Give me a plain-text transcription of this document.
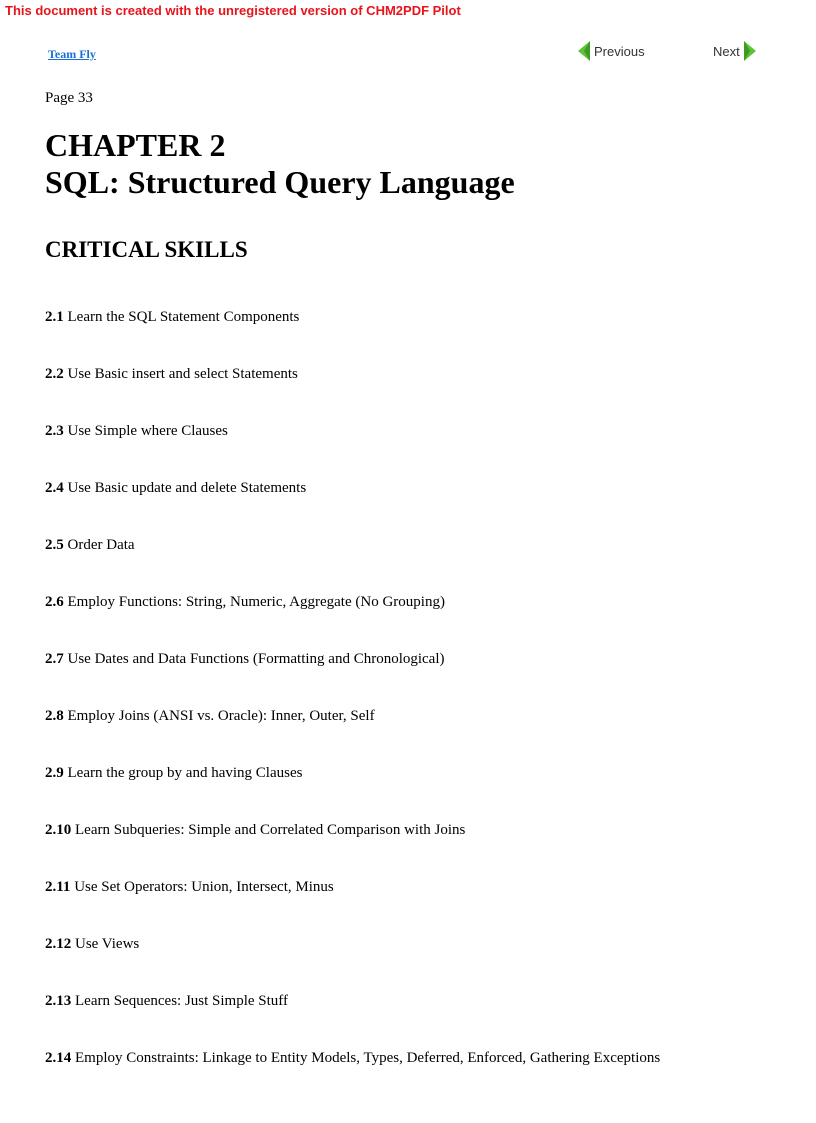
This document is created with the unregistered version of CHM2PDF Pilot
Team Fly	Previous	Next
Page 33
CHAPTER 2
SQL: Structured Query Language
CRITICAL SKILLS
2.1 Learn the SQL Statement Components
2.2 Use Basic insert and select Statements
2.3 Use Simple where Clauses
2.4 Use Basic update and delete Statements
2.5 Order Data
2.6 Employ Functions: String, Numeric, Aggregate (No Grouping)
2.7 Use Dates and Data Functions (Formatting and Chronological)
2.8 Employ Joins (ANSI vs. Oracle): Inner, Outer, Self
2.9 Learn the group by and having Clauses
2.10 Learn Subqueries: Simple and Correlated Comparison with Joins
2.11 Use Set Operators: Union, Intersect, Minus
2.12 Use Views
2.13 Learn Sequences: Just Simple Stuff
2.14 Employ Constraints: Linkage to Entity Models, Types, Deferred, Enforced, Gathering Exceptions
